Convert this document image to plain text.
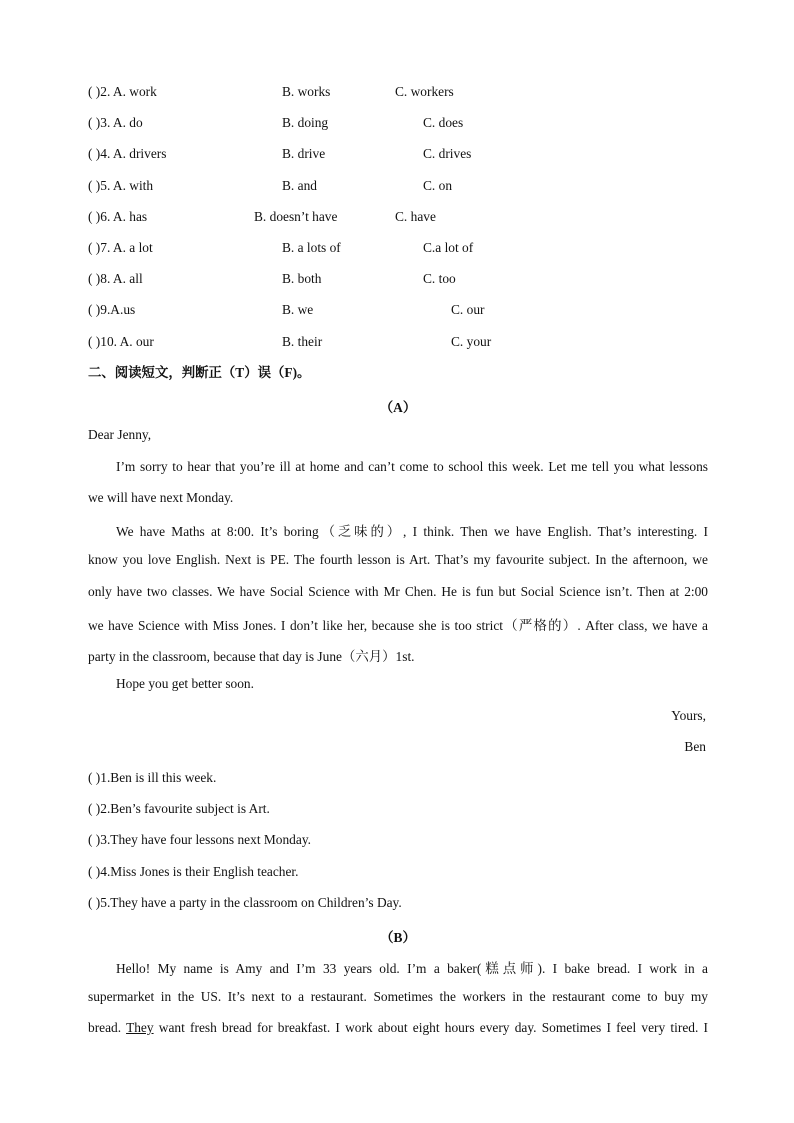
( )2. A. work	B. works	C. workers
( )3. A. do	B. doing	C. does
( )4. A. drivers	B. drive	C. drives
( )5. A. with	B. and	C. on
( )6. A. has	B. doesn’t have	C. have
( )7. A. a lot	B. a lots of	C.a lot of
( )8. A. all	B. both	C. too
( )9.A.us	B. we	C. our
( )10. A. our	B. their	C. your
二、阅读短文，判断正（T）误（F)。
（A）
Dear Jenny,
I’m sorry to hear that you’re ill at home and can’t come to school this week. Let me tell you what lessons
we will have next Monday.
We have Maths at 8:00. It’s boring（乏味的）, I think. Then we have English. That’s interesting. I
know you love English. Next is PE. The fourth lesson is Art. That’s my favourite subject. In the afternoon, we
only have two classes. We have Social Science with Mr Chen. He is fun but Social Science isn’t. Then at 2:00
we have Science with Miss Jones. I don’t like her, because she is too strict（严格的）. After class, we have a
party in the classroom, because that day is June（六月）1st.
Hope you get better soon.
Yours,
Ben
( )1.Ben is ill this week.
( )2.Ben’s favourite subject is Art.
( )3.They have four lessons next Monday.
( )4.Miss Jones is their English teacher.
( )5.They have a party in the classroom on Children’s Day.
（B）
Hello! My name is Amy and I’m 33 years old. I’m a baker(糕点师). I bake bread. I work in a
supermarket in the US. It’s next to a restaurant. Sometimes the workers in the restaurant come to buy my
bread. They want fresh bread for breakfast. I work about eight hours every day. Sometimes I feel very tired. I
